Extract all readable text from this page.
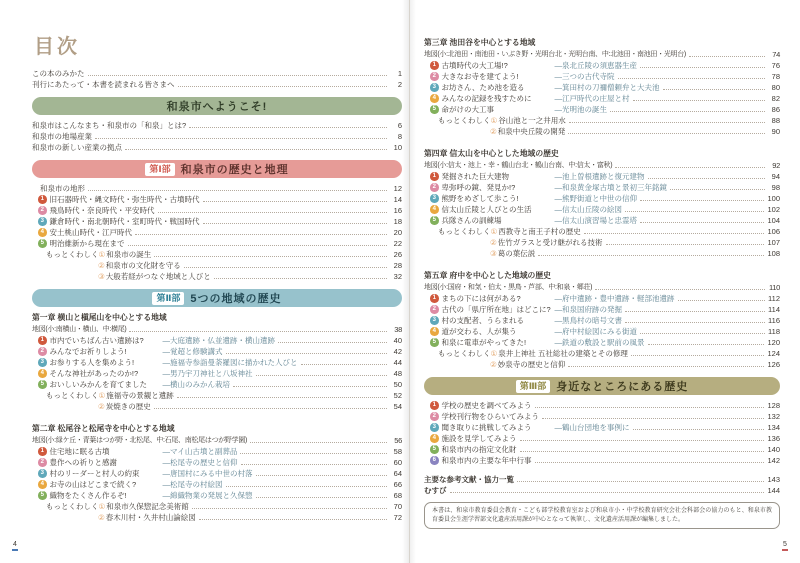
目次
この本のみかた	1
刊行にあたって・本書を読まれる皆さまへ	2
和泉市へようこそ!
和泉市はこんなまち・和泉市の「和泉」とは?	6
和泉市の地場産業	8
和泉市の新しい産業の拠点	10
第Ⅰ部 和泉市の歴史と地理
和泉市の地形	12
1 旧石器時代・縄文時代・弥生時代・古墳時代	14
2 飛鳥時代・奈良時代・平安時代	16
3 鎌倉時代・南北朝時代・室町時代・戦国時代	18
4 安土桃山時代・江戸時代	20
5 明治維新から現在まで	22
もっとくわしく ① 和泉市の誕生	26
② 和泉市の文化財を守る	28
③ 大般若経がつなぐ地域と人びと	32
第Ⅱ部 5つの地域の歴史
第一章 横山と槇尾山を中心とする地域
地図(小:南横山・横山、中:横尾)	38
1 市内でいちばん古い遺跡は?	―大庭遺跡・仏並遺跡・横山遺跡	40
2 みんなでお祈りしよう!	―覚超と修験講式	42
3 お参りする人を集めよう!	―施福寺参詣曼荼羅図に描かれた人びと	44
4 そんな神社があったのか!?	―男乃宇刀神社と八坂神社	48
5 おいしいみかんを育てました	―横山のみかん栽培	50
もっとくわしく ① 施福寺の景観と遺跡	52
② 炭焼きの歴史	54
第二章 松尾谷と松尾寺を中心とする地域
地図(小:緑ケ丘・青葉はつが野・北松尾、中:石尾、南松尾はつが野学園)	56
1 住宅地に眠る古墳	―マイ山古墳と副葬品	58
2 豊作への祈りと感謝	―松尾寺の歴史と信仰	60
3 村のリーダーと村人の約束	―唐国村にみる中世の村落	64
4 お寺の山はどこまで続く?	―松尾寺の村絵図	66
5 織物をたくさん作るぞ!	―綿織物業の発展と久保惣	68
もっとくわしく ① 和泉市久保惣記念美術館	70
② 春木川村・久井村山論絵図	72
第三章 池田谷を中心とする地域
地図(小:北池田・南池田・いぶき野・光明台北・光明台南、中:北池田・南池田・光明台)	74
1 古墳時代の大工場!?	―泉北丘陵の須恵器生産	76
2 大きなお寺を建てよう!	―三つの古代寺院	78
3 お坊さん、ため池を造る	―箕田村の刀禰僧頼弁と大夫池	80
4 みんなの記録を残すために	―江戸時代の庄屋と村	82
5 命がけの大工事	―光明池の誕生	86
もっとくわしく ① 谷山池と一之井用水	88
② 和泉中央丘陵の開発	90
第四章 信太山を中心とした地域の歴史
地図(小:信太・池上・幸・鶴山台北・鶴山台南、中:信太・富秋)	92
1 発掘された巨大建物	―池上曽根遺跡と復元建物	94
2 卑弥呼の鏡、発見か!?	―和泉黄金塚古墳と景初三年銘鏡	98
3 熊野をめざして歩こう!	―熊野街道と中世の信仰	100
4 信太山丘陵と人びとの生活	―信太山丘陵の絵図	102
5 兵隊さんの訓練場	―信太山演習場と忠霊塔	104
もっとくわしく ① 西教寺と南王子村の歴史	106
② 佐竹ガラスと受け継がれる技術	107
③ 葛の葉伝説	108
第五章 府中を中心とした地域の歴史
地図(小:国府・和気・伯太・黒鳥・芦部、中:和泉・郷荘)	110
1 まちの下には何がある?	―府中遺跡・豊中遺跡・軽部池遺跡	112
2 古代の「県庁所在地」はどこに? ―和泉国府跡の発掘	114
3 村の支配者、うらまれる	―黒鳥村の暗号文書	116
4 道が交わる、人が集う	―府中村絵図にみる街道	118
5 和泉に電車がやってきた!	―鉄道の敷設と駅前の風景	120
もっとくわしく ① 泉井上神社 五社総社の建築とその修理	124
② 妙泉寺の歴史と信仰	126
第Ⅲ部 身近なところにある歴史
1 学校の歴史を調べてみよう	128
2 学校刊行物をひらいてみよう	132
3 聞き取りに挑戦してみよう	―鶴山台団地を事例に	134
4 施設を見学してみよう	136
5 和泉市内の指定文化財	140
6 和泉市内の主要な年中行事	142
主要な参考文献・協力一覧	143
むすび	144
本書は、和泉市教育委員会教育・こども部学校教育室および和泉市小・中学校教育研究会社会科部会の協力のもと、和泉市教育委員会生涯学習部文化遺産活用課が中心となって執筆し、文化遺産活用課が編集しました。
4	5
